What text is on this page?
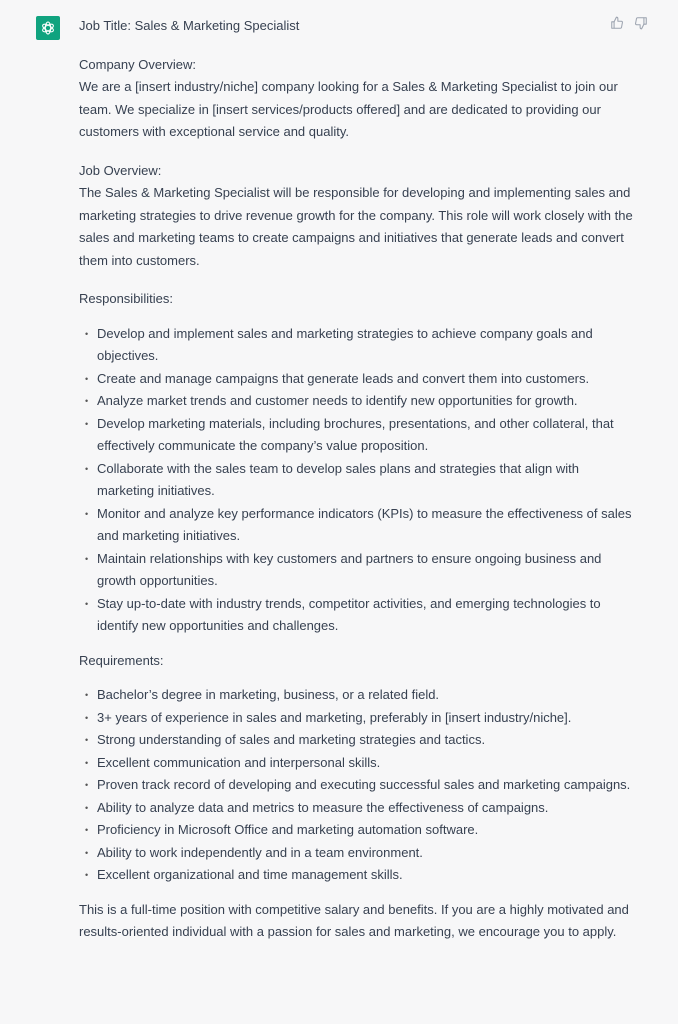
Job Title: Sales & Marketing Specialist

Company Overview:

We are a [insert industry/niche] company looking for a Sales & Marketing Specialist to join our team. We specialize in [insert services/products offered] and are dedicated to providing our customers with exceptional service and quality.

Job Overview:

The Sales & Marketing Specialist will be responsible for developing and implementing sales and marketing strategies to drive revenue growth for the company. This role will work closely with the sales and marketing teams to create campaigns and initiatives that generate leads and convert them into customers.

Responsibilities:

• Develop and implement sales and marketing strategies to achieve company goals and objectives.
• Create and manage campaigns that generate leads and convert them into customers.
• Analyze market trends and customer needs to identify new opportunities for growth.
• Develop marketing materials, including brochures, presentations, and other collateral, that effectively communicate the company’s value proposition.
• Collaborate with the sales team to develop sales plans and strategies that align with marketing initiatives.
• Monitor and analyze key performance indicators (KPIs) to measure the effectiveness of sales and marketing initiatives.
• Maintain relationships with key customers and partners to ensure ongoing business and growth opportunities.
• Stay up-to-date with industry trends, competitor activities, and emerging technologies to identify new opportunities and challenges.

Requirements:

• Bachelor’s degree in marketing, business, or a related field.
• 3+ years of experience in sales and marketing, preferably in [insert industry/niche].
• Strong understanding of sales and marketing strategies and tactics.
• Excellent communication and interpersonal skills.
• Proven track record of developing and executing successful sales and marketing campaigns.
• Ability to analyze data and metrics to measure the effectiveness of campaigns.
• Proficiency in Microsoft Office and marketing automation software.
• Ability to work independently and in a team environment.
• Excellent organizational and time management skills.

This is a full-time position with competitive salary and benefits. If you are a highly motivated and results-oriented individual with a passion for sales and marketing, we encourage you to apply.
